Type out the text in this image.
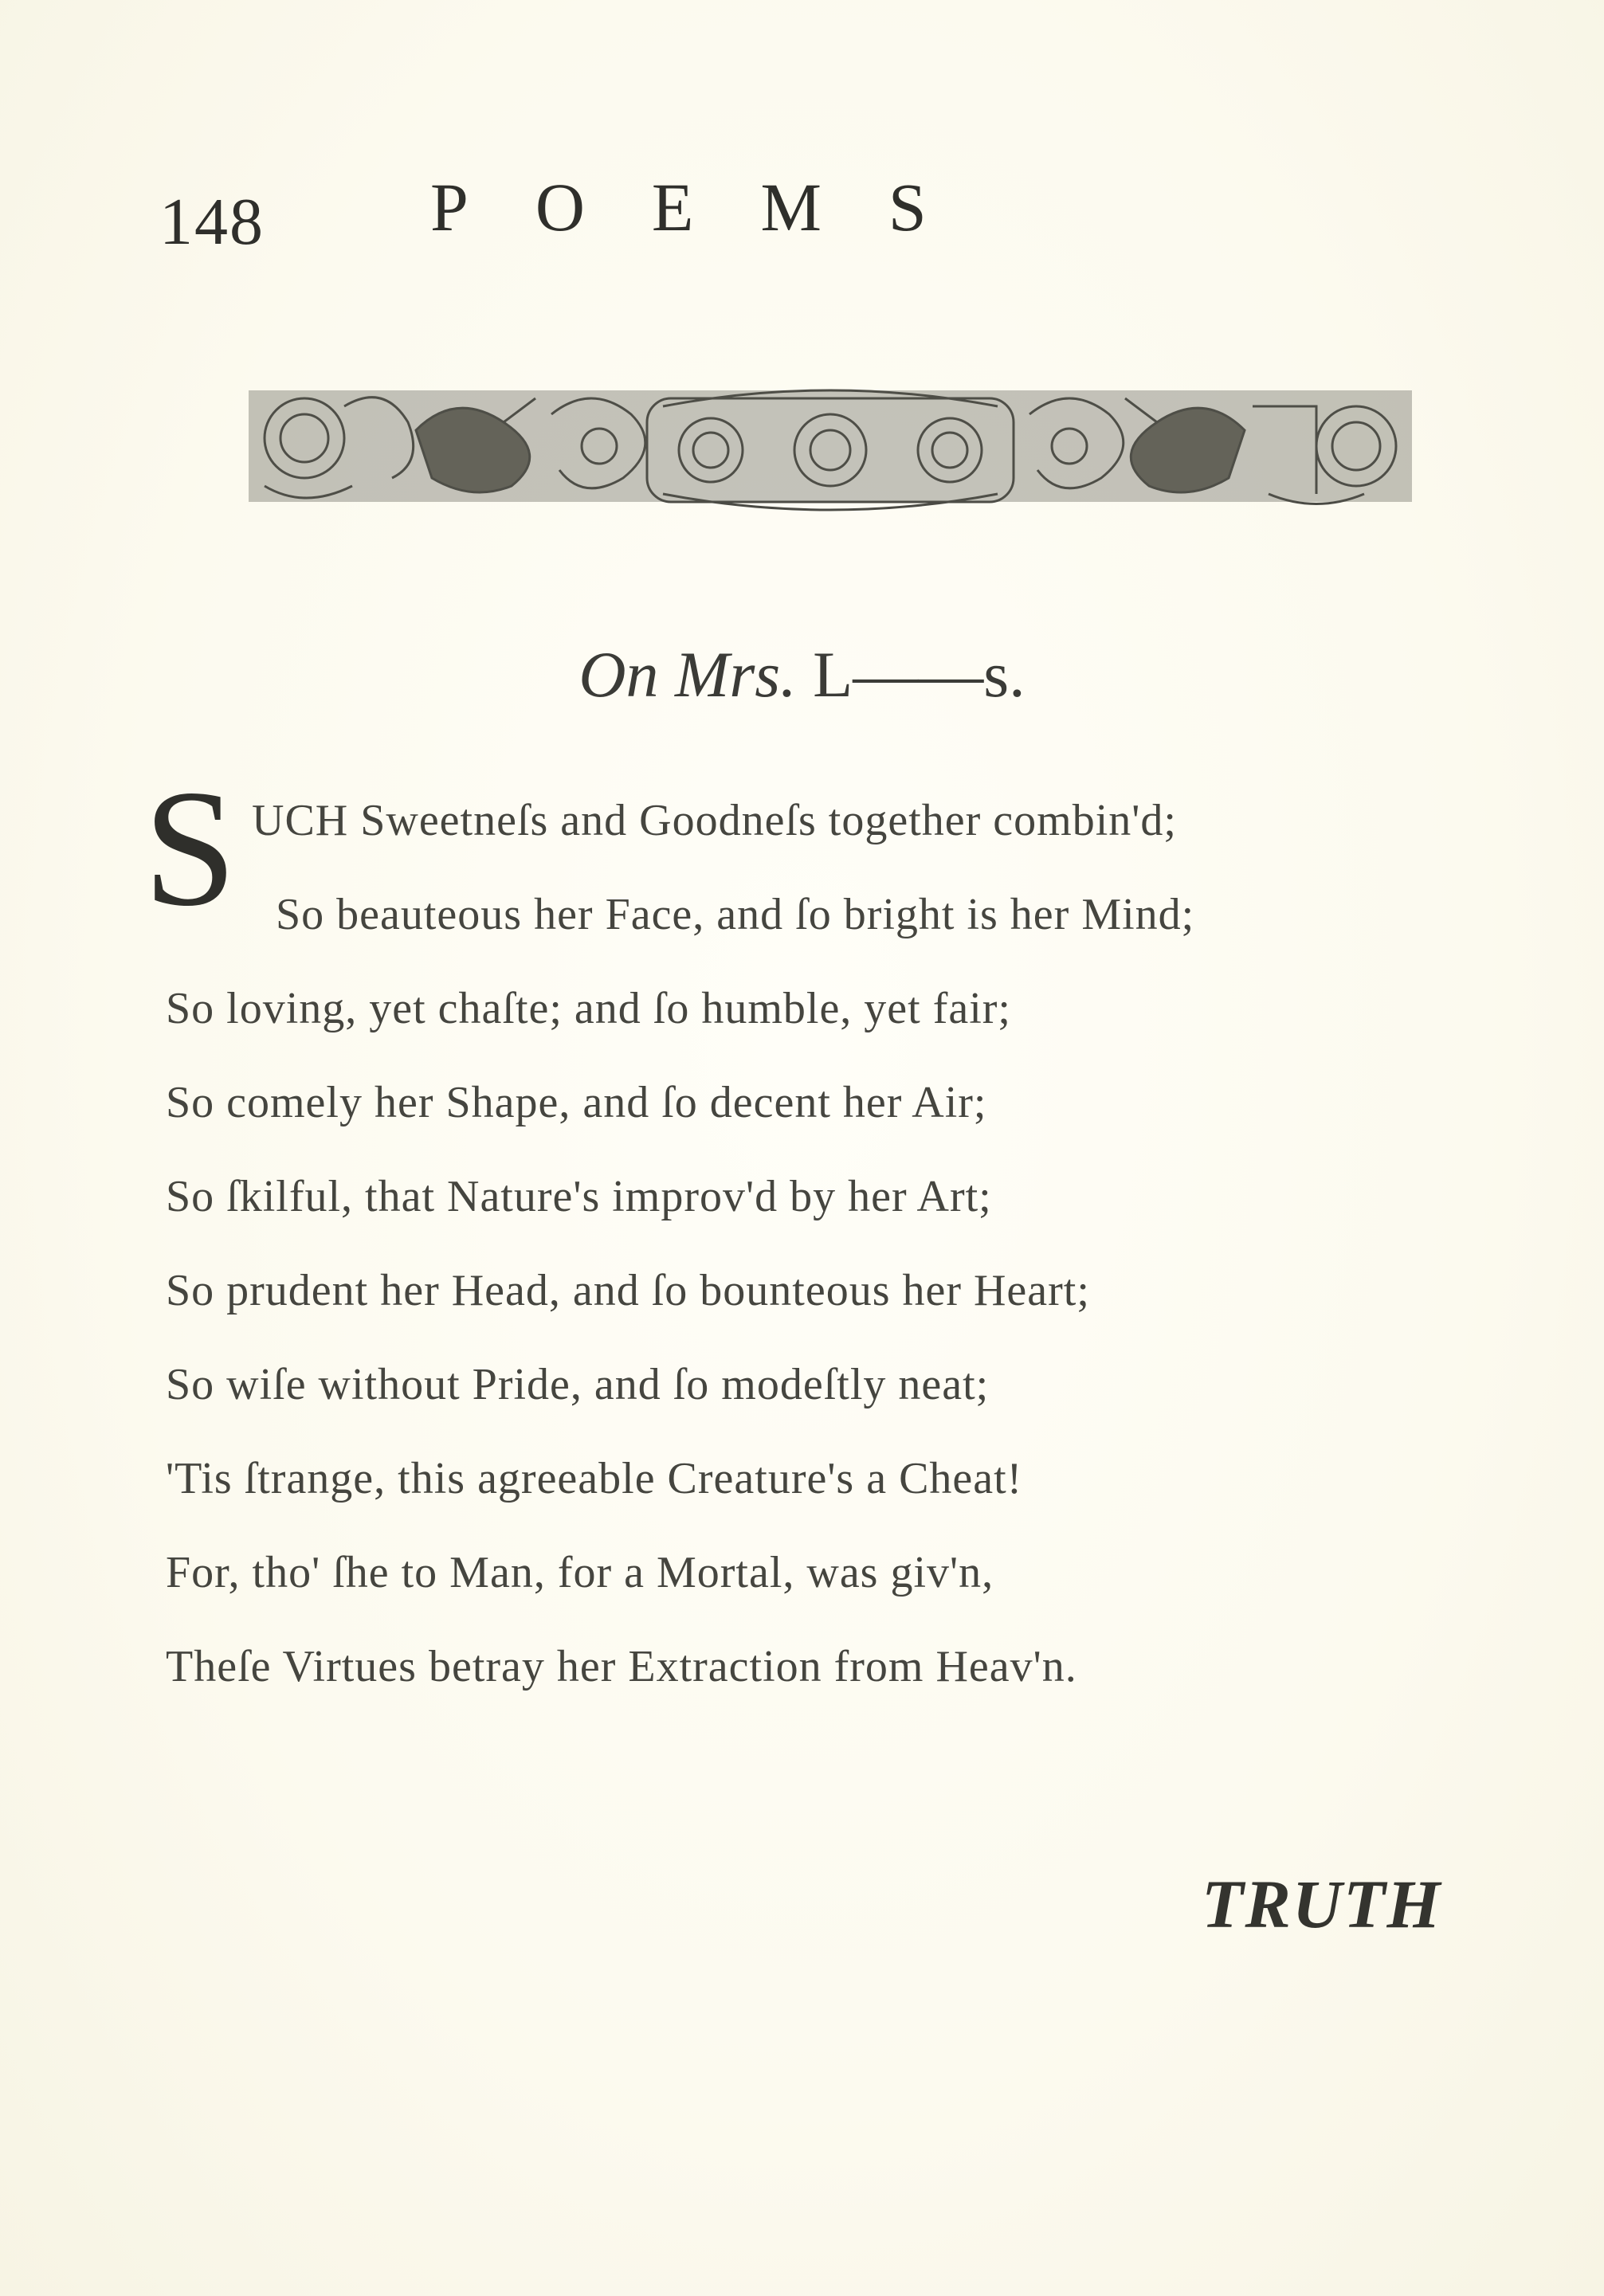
148 POEMS
On Mrs. L——s.
S UCH Sweetneſs and Goodneſs together combin'd;
So beauteous her Face, and ſo bright is her Mind;
So loving, yet chaſte; and ſo humble, yet fair;
So comely her Shape, and ſo decent her Air;
So ſkilful, that Nature's improv'd by her Art;
So prudent her Head, and ſo bounteous her Heart;
So wiſe without Pride, and ſo modeſtly neat;
'Tis ſtrange, this agreeable Creature's a Cheat!
For, tho' ſhe to Man, for a Mortal, was giv'n,
Theſe Virtues betray her Extraction from Heav'n.
TRUTH
